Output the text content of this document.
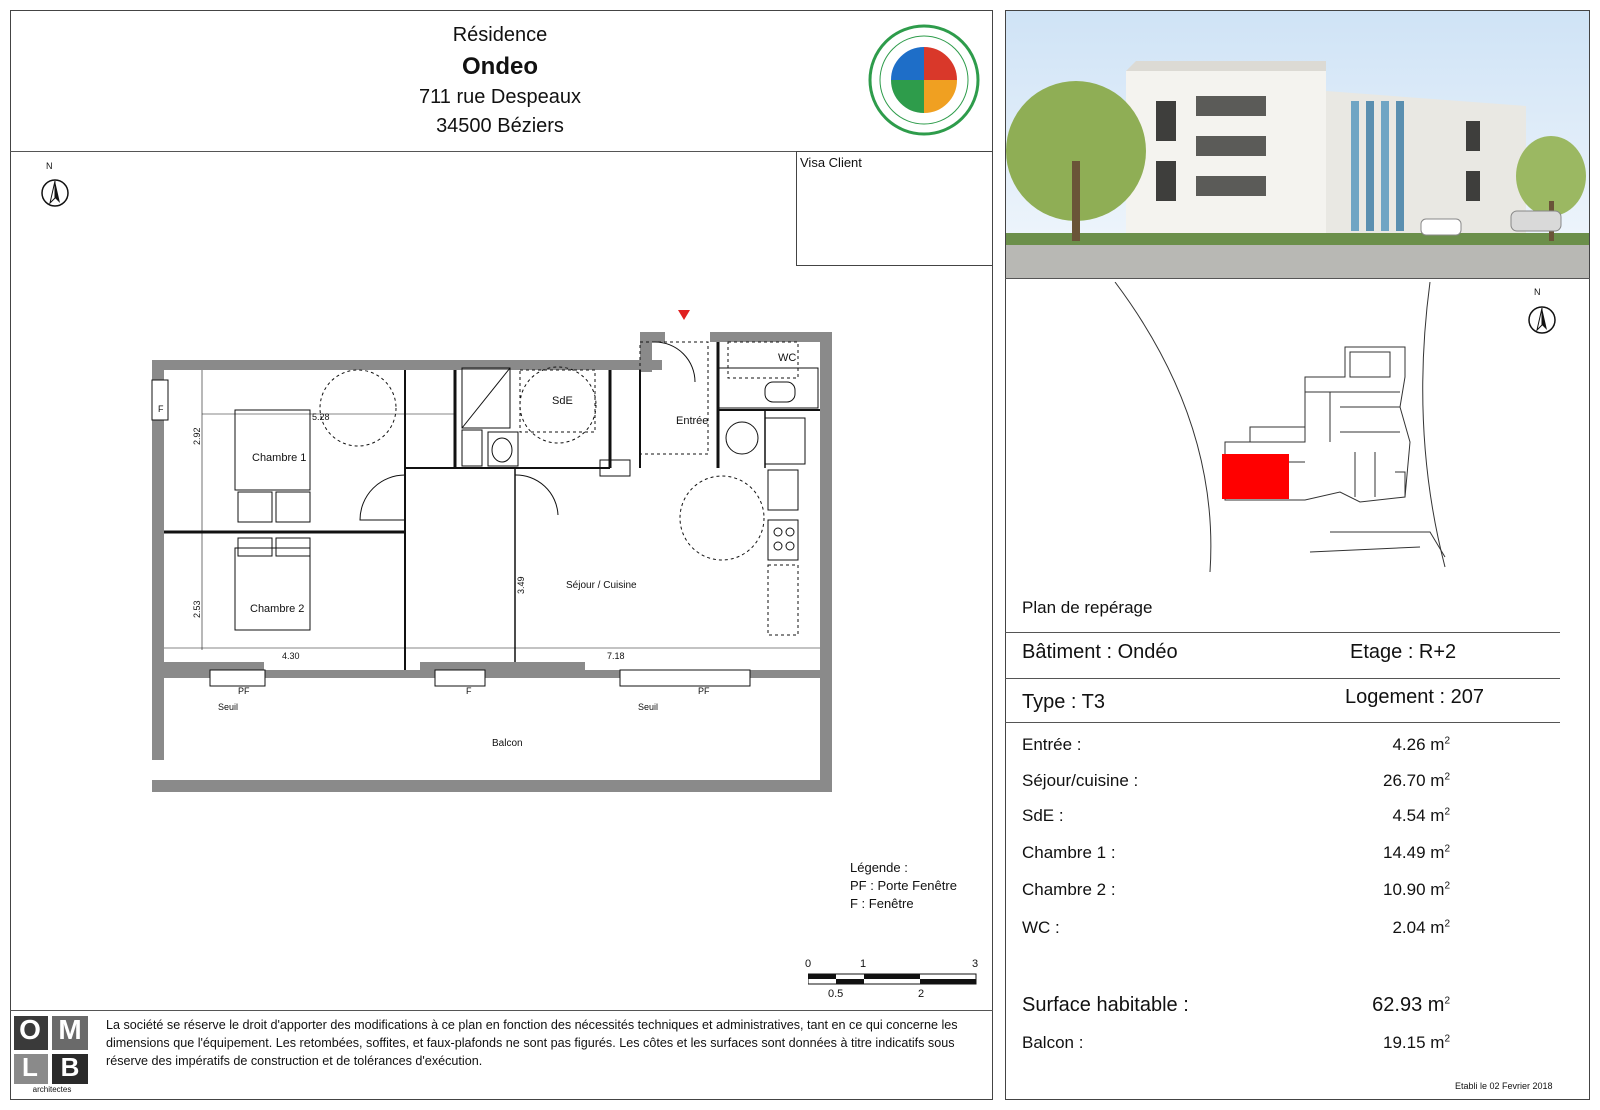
Résidence
Ondeo
711 rue Despeaux
34500 Béziers
Visa Client
N
SdE
WC
Entrée
Chambre 1
Chambre 2
Séjour / Cuisine
Balcon
5.28
2.92
2.53
4.30
3.49
7.18
PF	F	PF
F
Seuil	Seuil
Légende :
PF : Porte Fenêtre
F : Fenêtre
0	1	3
0.5	2
O M
L B
architectes
La société se réserve le droit d'apporter des modifications à ce plan en fonction des nécessités techniques et administratives, tant en ce qui concerne les dimensions que l'équipement. Les retombées, soffites, et faux-plafonds ne sont pas figurés. Les côtes et les surfaces sont données à titre indicatifs sous réserve des impératifs de construction et de tolérances d'exécution.
N
Plan de repérage
Bâtiment : Ondéo	Etage : R+2
Type : T3	Logement : 207
Entrée :	4.26 $m^2$
Séjour/cuisine :	26.70 $m^2$
SdE :	4.54 $m^2$
Chambre 1 :	14.49 $m^2$
Chambre 2 :	10.90 $m^2$
WC :	2.04 $m^2$
Surface habitable :	62.93 $m^2$
Balcon :	19.15 $m^2$
Etabli le 02 Fevrier 2018
